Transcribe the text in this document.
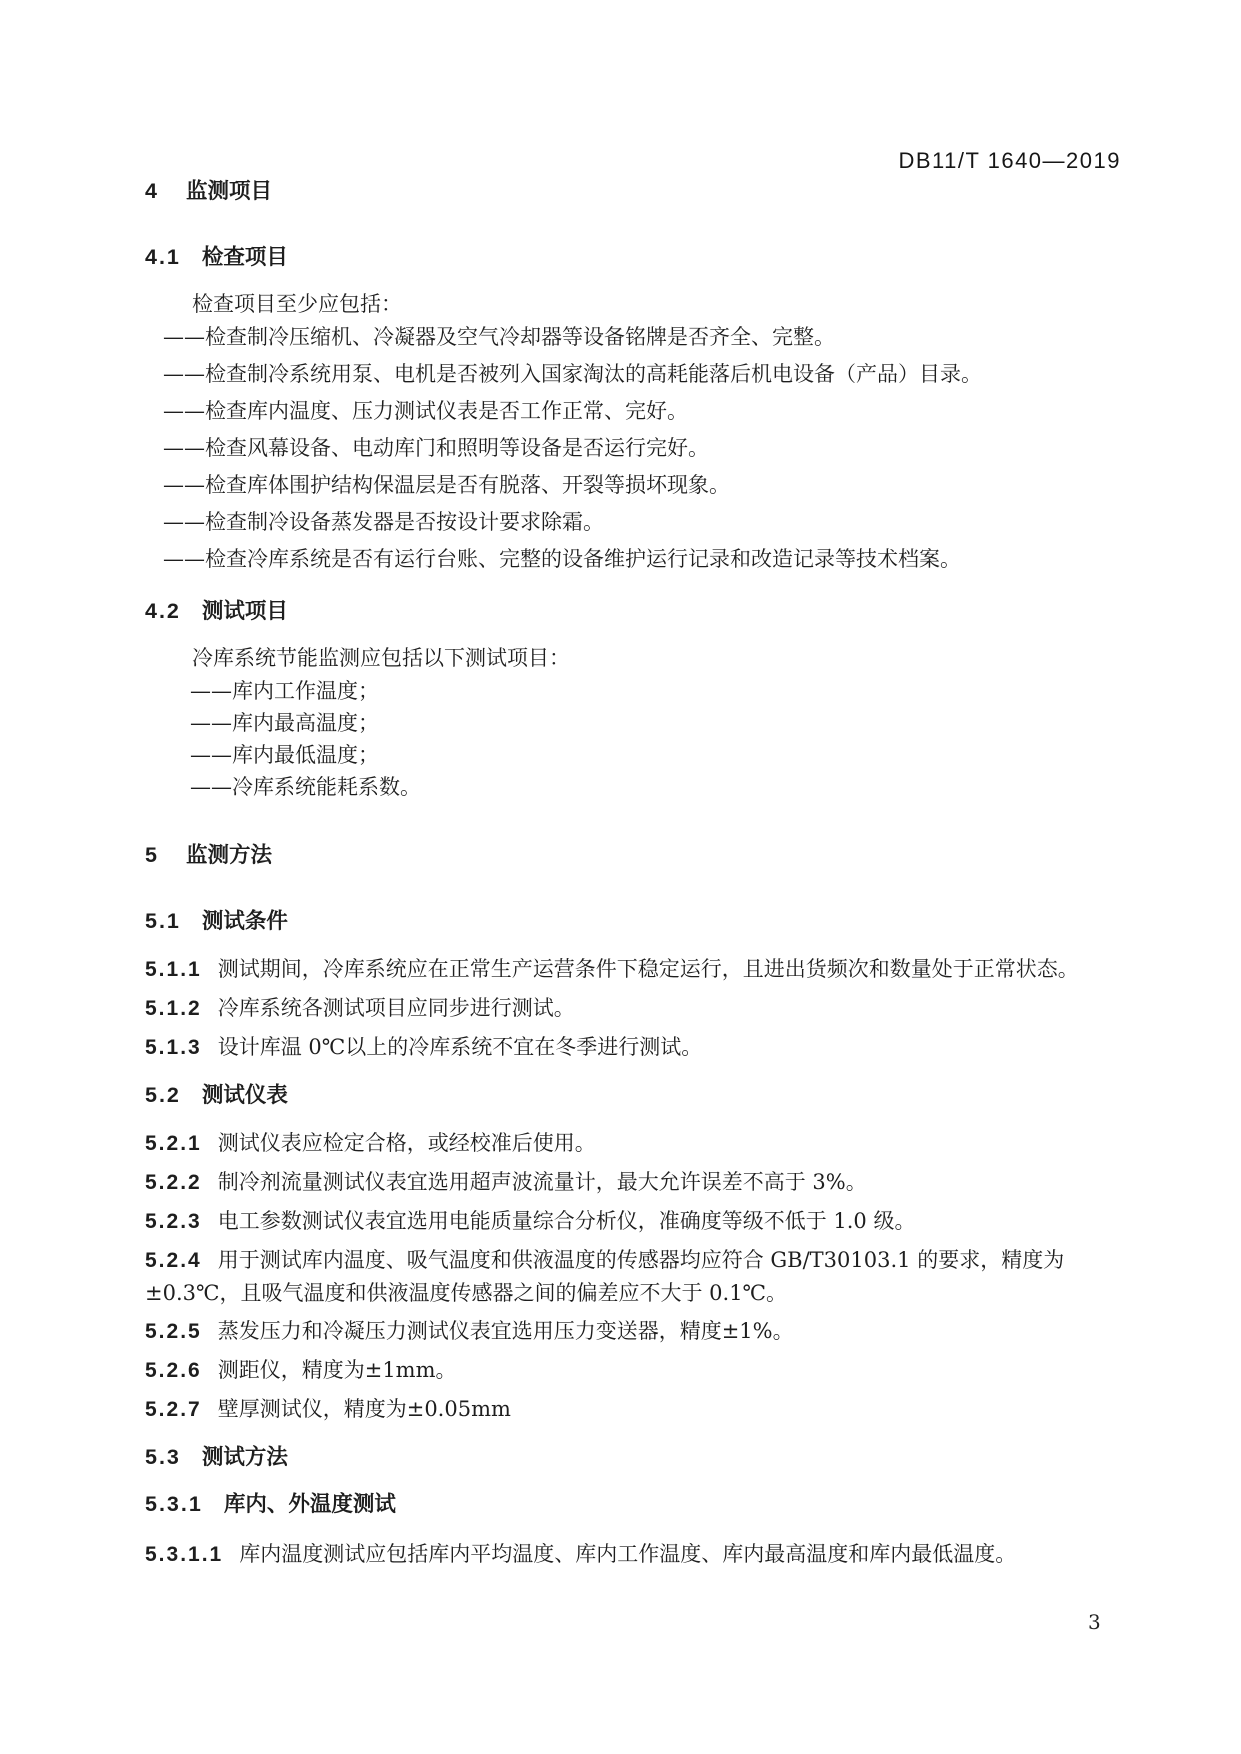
DB11/T 1640—2019
4 监测项目
4.1 检查项目
检查项目至少应包括：
——检查制冷压缩机、冷凝器及空气冷却器等设备铭牌是否齐全、完整。
——检查制冷系统用泵、电机是否被列入国家淘汰的高耗能落后机电设备（产品）目录。
——检查库内温度、压力测试仪表是否工作正常、完好。
——检查风幕设备、电动库门和照明等设备是否运行完好。
——检查库体围护结构保温层是否有脱落、开裂等损坏现象。
——检查制冷设备蒸发器是否按设计要求除霜。
——检查冷库系统是否有运行台账、完整的设备维护运行记录和改造记录等技术档案。
4.2 测试项目
冷库系统节能监测应包括以下测试项目：
——库内工作温度；
——库内最高温度；
——库内最低温度；
——冷库系统能耗系数。
5 监测方法
5.1 测试条件
5.1.1 测试期间，冷库系统应在正常生产运营条件下稳定运行，且进出货频次和数量处于正常状态。
5.1.2 冷库系统各测试项目应同步进行测试。
5.1.3 设计库温 0℃以上的冷库系统不宜在冬季进行测试。
5.2 测试仪表
5.2.1 测试仪表应检定合格，或经校准后使用。
5.2.2 制冷剂流量测试仪表宜选用超声波流量计，最大允许误差不高于 3%。
5.2.3 电工参数测试仪表宜选用电能质量综合分析仪，准确度等级不低于 1.0 级。
5.2.4 用于测试库内温度、吸气温度和供液温度的传感器均应符合 GB/T30103.1 的要求，精度为
±0.3℃，且吸气温度和供液温度传感器之间的偏差应不大于 0.1℃。
5.2.5 蒸发压力和冷凝压力测试仪表宜选用压力变送器，精度±1%。
5.2.6 测距仪，精度为±1mm。
5.2.7 壁厚测试仪，精度为±0.05mm
5.3 测试方法
5.3.1 库内、外温度测试
5.3.1.1 库内温度测试应包括库内平均温度、库内工作温度、库内最高温度和库内最低温度。
3
